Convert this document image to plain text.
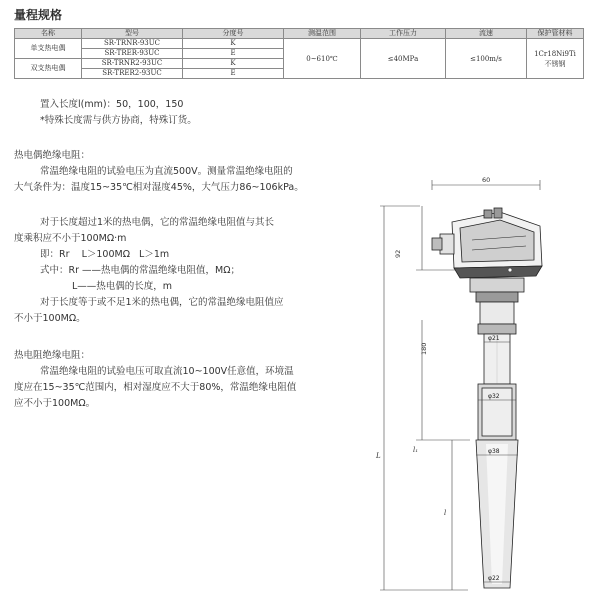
量程规格
名称	型号	分度号	测温范围	工作压力	流速	保护管材料
单支热电偶	SR-TRNR-93UC	K	0~610℃	≤40MPa	≤100m/s	1Cr18Ni9Ti
不锈钢
	SR-TRER-93UC	E				
双支热电偶	SR-TRNR2-93UC	K				
	SR-TRER2-93UC	E				
置入长度l(mm)：50，100，150
*特殊长度需与供方协商，特殊订货。
热电偶绝缘电阻：
常温绝缘电阻的试验电压为直流500V。测量常温绝缘电阻的
大气条件为：温度15~35℃相对湿度45%，大气压力86~106kPa。
对于长度超过1米的热电偶，它的常温绝缘电阻值与其长
度乘积应不小于100MΩ·m
即：Rr    L＞100MΩ   L＞1m
式中：Rr ——热电偶的常温绝缘电阻值，MΩ；
L——热电偶的长度，m
对于长度等于或不足1米的热电偶，它的常温绝缘电阻值应
不小于100MΩ。
热电阻绝缘电阻：
常温绝缘电阻的试验电压可取直流10~100V任意值，环境温
度应在15~35℃范围内，相对湿度应不大于80%，常温绝缘电阻值
应不小于100MΩ。
60
92
180
L
l₁
l
φ21
φ32
φ38
φ22
